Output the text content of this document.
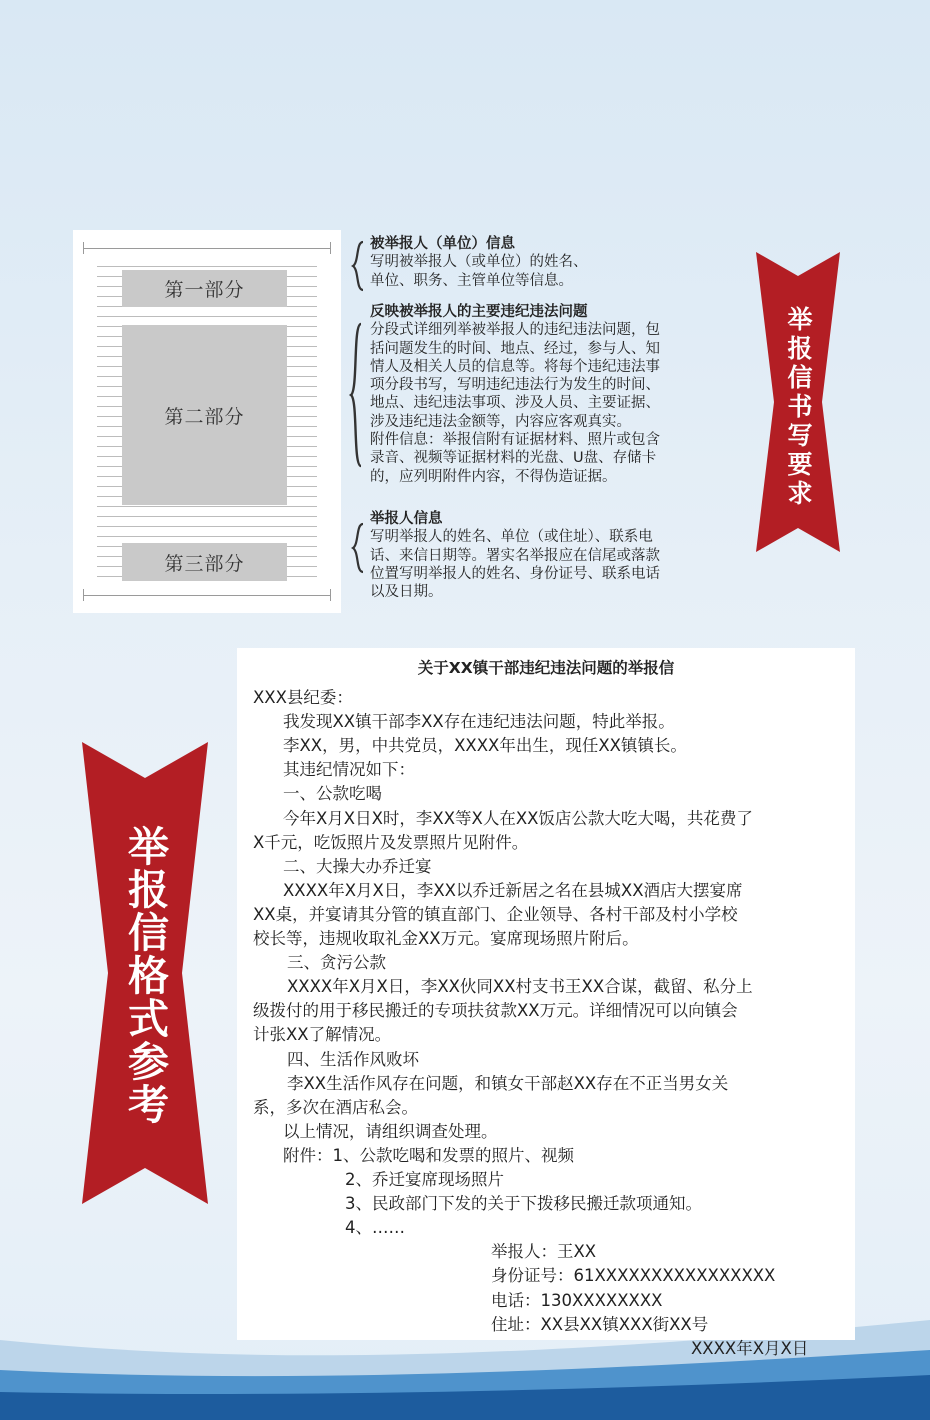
第一部分
第二部分
第三部分
被举报人（单位）信息
写明被举报人（或单位）的姓名、
单位、职务、主管单位等信息。
反映被举报人的主要违纪违法问题
分段式详细列举被举报人的违纪违法问题，包
括问题发生的时间、地点、经过，参与人、知
情人及相关人员的信息等。将每个违纪违法事
项分段书写，写明违纪违法行为发生的时间、
地点、违纪违法事项、涉及人员、主要证据、
涉及违纪违法金额等，内容应客观真实。
附件信息：举报信附有证据材料、照片或包含
录音、视频等证据材料的光盘、U盘、存储卡
的，应列明附件内容，不得伪造证据。
举报人信息
写明举报人的姓名、单位（或住址）、联系电
话、来信日期等。署实名举报应在信尾或落款
位置写明举报人的姓名、身份证号、联系电话
以及日期。
举报信书写要求
举报信格式参考
关于XX镇干部违纪违法问题的举报信
XXX县纪委：
我发现XX镇干部李XX存在违纪违法问题，特此举报。
李XX，男，中共党员，XXXX年出生，现任XX镇镇长。
其违纪情况如下：
一、公款吃喝
今年X月X日X时，李XX等X人在XX饭店公款大吃大喝，共花费了
X千元，吃饭照片及发票照片见附件。
二、大操大办乔迁宴
XXXX年X月X日，李XX以乔迁新居之名在县城XX酒店大摆宴席
XX桌，并宴请其分管的镇直部门、企业领导、各村干部及村小学校
校长等，违规收取礼金XX万元。宴席现场照片附后。
三、贪污公款
XXXX年X月X日，李XX伙同XX村支书王XX合谋，截留、私分上
级拨付的用于移民搬迁的专项扶贫款XX万元。详细情况可以向镇会
计张XX了解情况。
四、生活作风败坏
李XX生活作风存在问题，和镇女干部赵XX存在不正当男女关
系，多次在酒店私会。
以上情况，请组织调查处理。
附件：1、公款吃喝和发票的照片、视频
2、乔迁宴席现场照片
3、民政部门下发的关于下拨移民搬迁款项通知。
4、……
举报人：王XX
身份证号：61XXXXXXXXXXXXXXXX
电话：130XXXXXXXX
住址：XX县XX镇XXX街XX号
XXXX年X月X日
